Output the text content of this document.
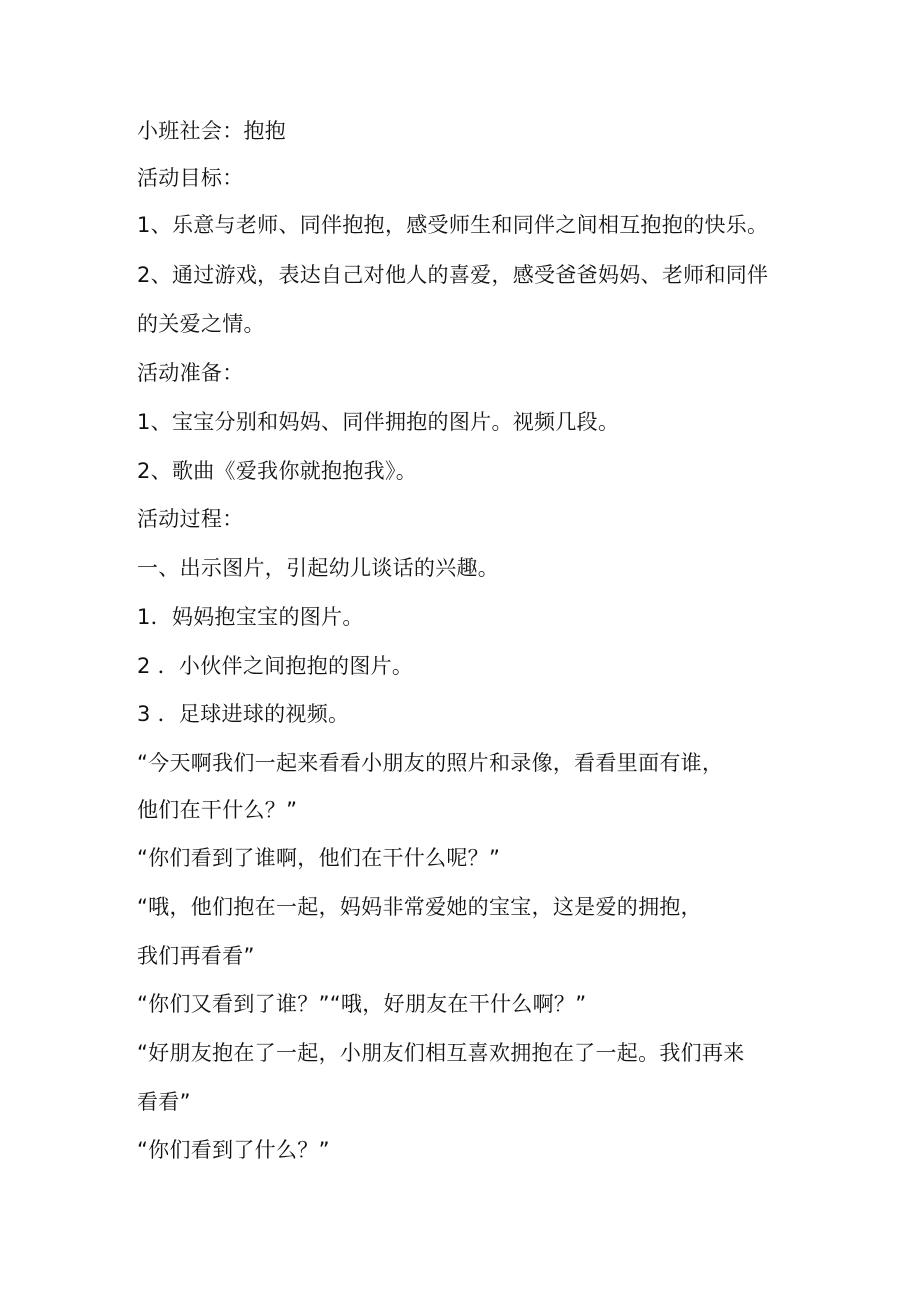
小班社会：抱抱
活动目标：
1、乐意与老师、同伴抱抱，感受师生和同伴之间相互抱抱的快乐。
2、通过游戏，表达自己对他人的喜爱，感受爸爸妈妈、老师和同伴
的关爱之情。
活动准备：
1、宝宝分别和妈妈、同伴拥抱的图片。视频几段。
2、歌曲《爱我你就抱抱我》。
活动过程：
一、出示图片，引起幼儿谈话的兴趣。
1．妈妈抱宝宝的图片。
2 ．小伙伴之间抱抱的图片。
3 ．足球进球的视频。
“今天啊我们一起来看看小朋友的照片和录像，看看里面有谁，
他们在干什么？”
“你们看到了谁啊，他们在干什么呢？”
“哦，他们抱在一起，妈妈非常爱她的宝宝，这是爱的拥抱，
我们再看看”
“你们又看到了谁？”“哦，好朋友在干什么啊？”
“好朋友抱在了一起，小朋友们相互喜欢拥抱在了一起。我们再来
看看”
“你们看到了什么？”
